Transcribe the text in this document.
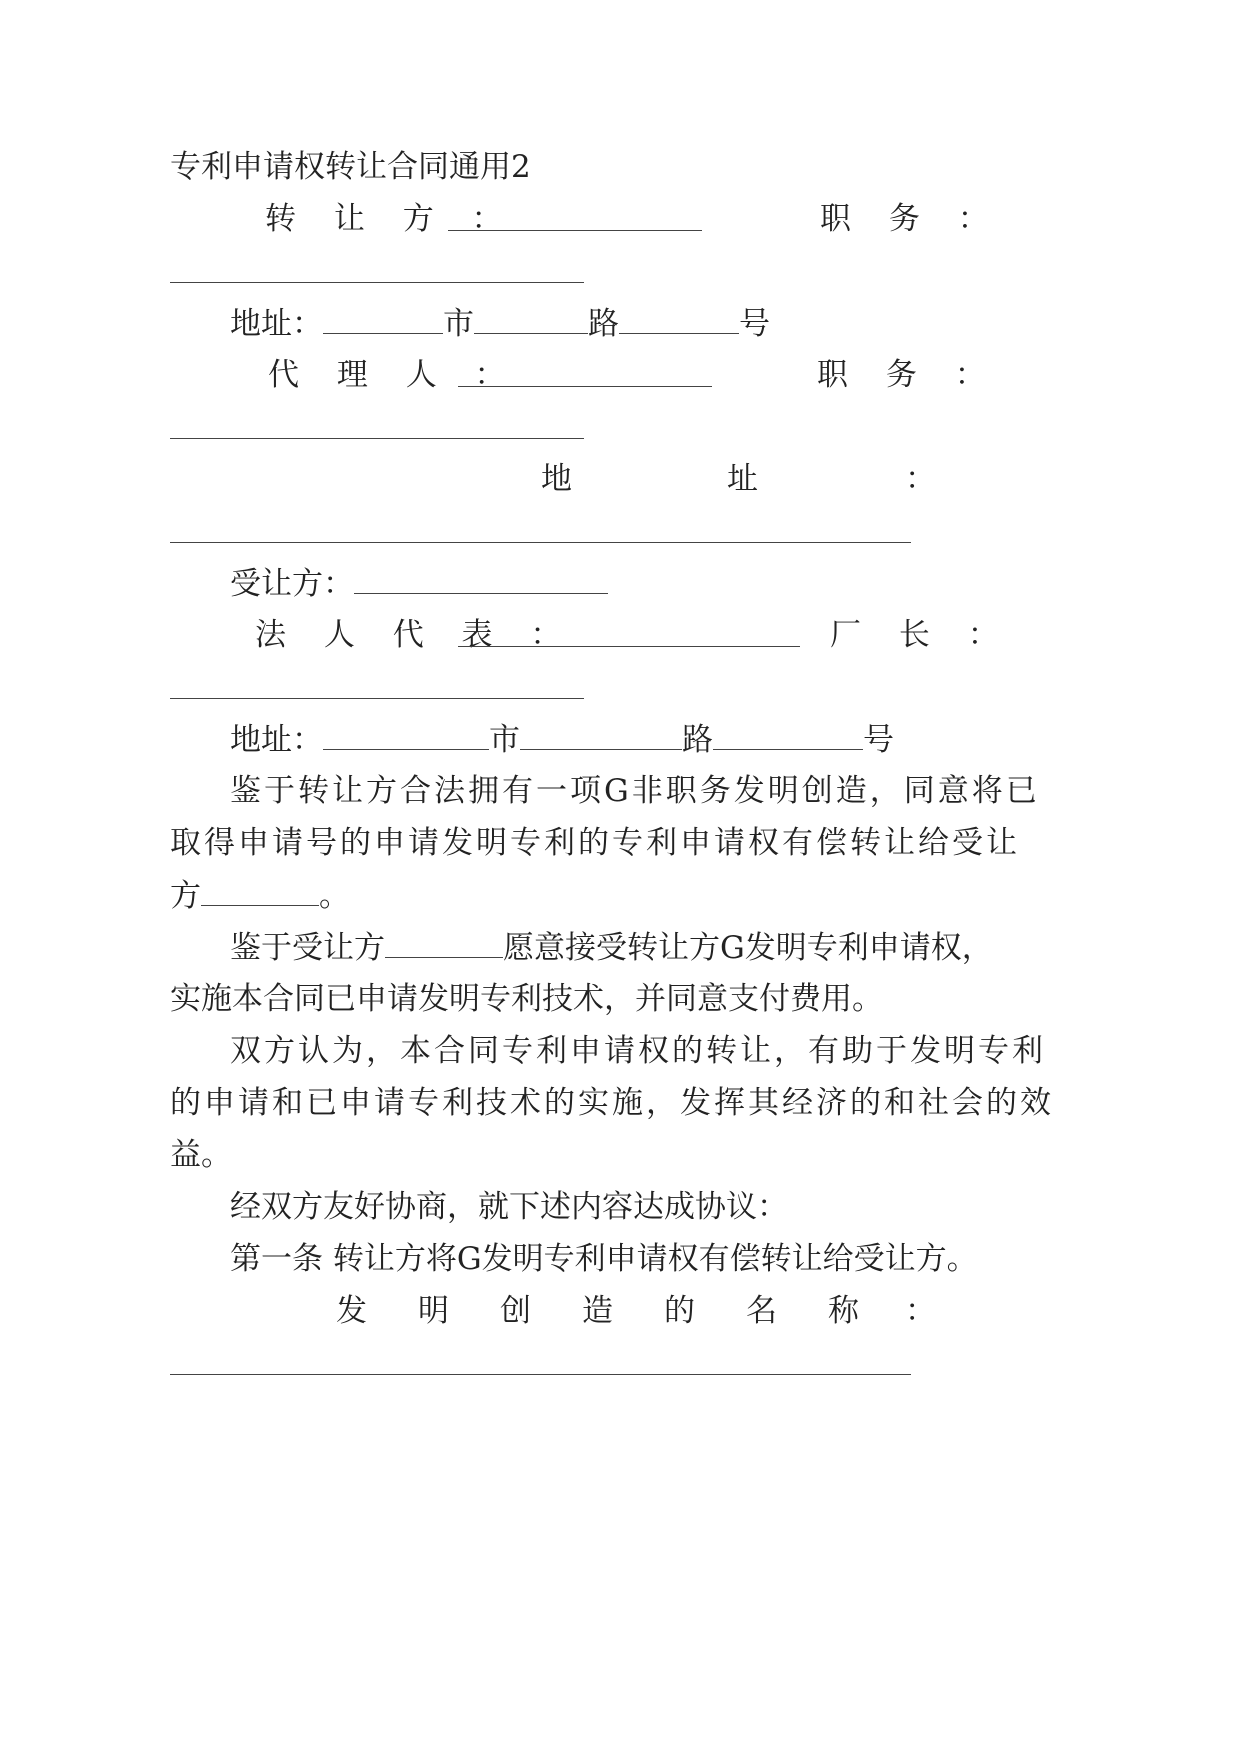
专利申请权转让合同通用2
转 让 方 ：	职 务 ：
地址：	市	路	号
代 理 人 ：	职 务 ：
地	址	：
受让方：
法 人 代 表 ：	厂 长 ：
地址：	市	路	号
鉴于转让方合法拥有一项G非职务发明创造，同意将已
取得申请号的申请发明专利的专利申请权有偿转让给受让
方	。
鉴于受让方	愿意接受转让方G发明专利申请权，
实施本合同已申请发明专利技术，并同意支付费用。
双方认为，本合同专利申请权的转让，有助于发明专利
的申请和已申请专利技术的实施，发挥其经济的和社会的效
益。
经双方友好协商，就下述内容达成协议：
第一条 转让方将G发明专利申请权有偿转让给受让方。
发 明 创 造 的 名 称 ：
